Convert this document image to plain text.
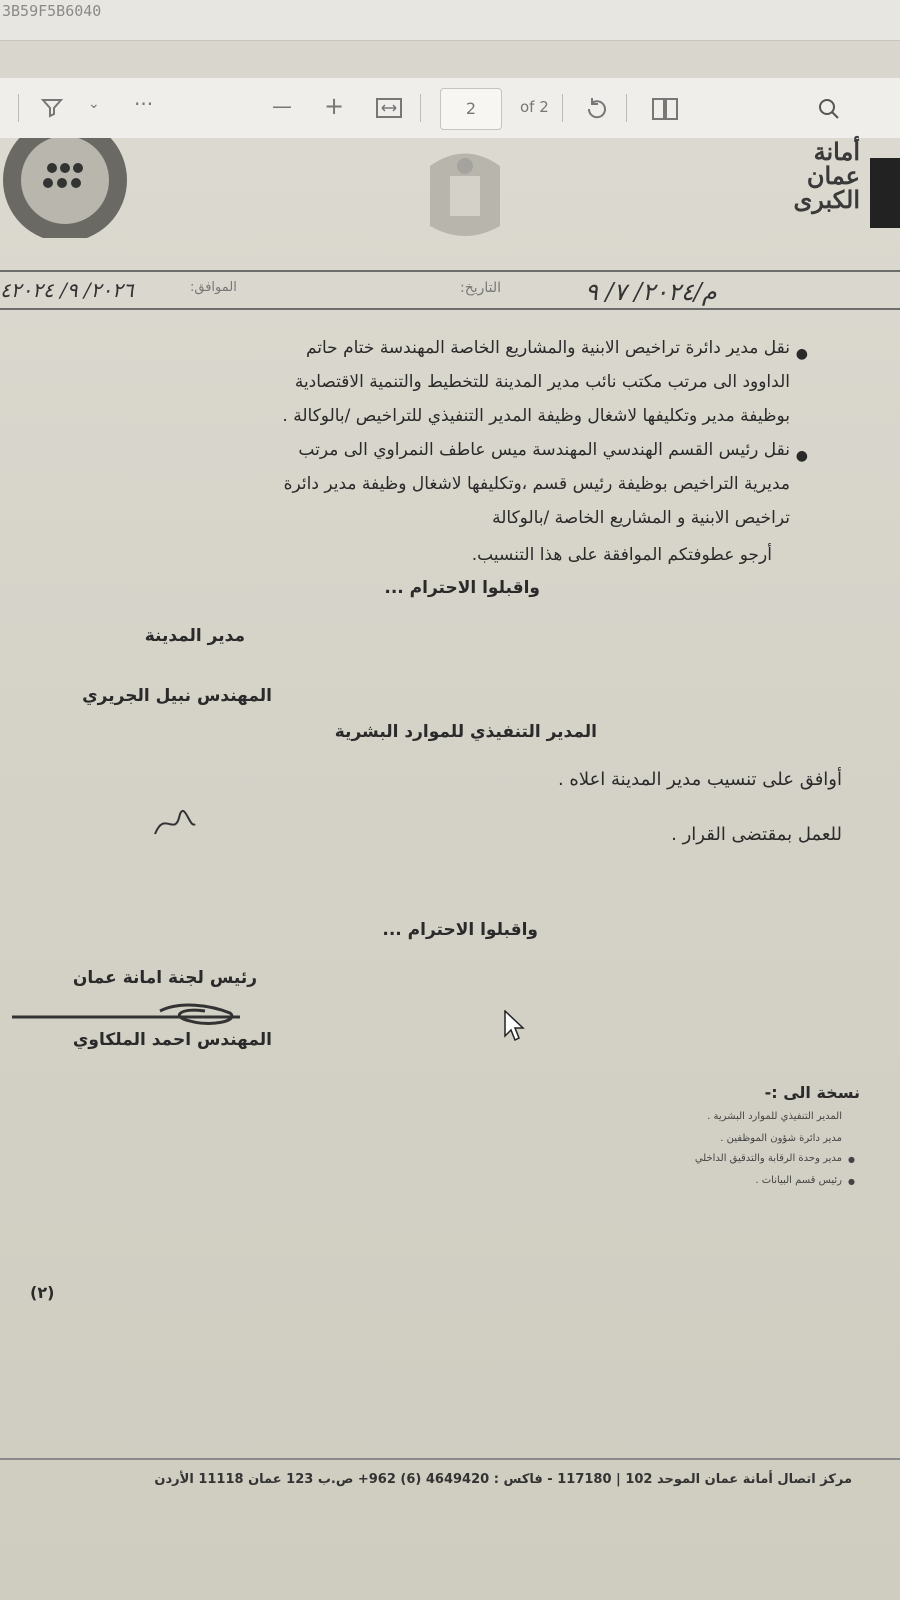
3B59F5B6040
⌄ ···	— +	2	of 2
أمانة
عمان
الكبرى
التاريخ:
الموافق:
٢٠٢٦/ ٩/ ٤٢٠٢٤	م/٢٠٢٤/ ٧/ ٩
●
نقل مدير دائرة تراخيص الابنية والمشاريع الخاصة المهندسة ختام حاتم
الداوود الى مرتب مكتب نائب مدير المدينة للتخطيط والتنمية الاقتصادية
بوظيفة مدير وتكليفها لاشغال وظيفة المدير التنفيذي للتراخيص /بالوكالة .
●
نقل رئيس القسم الهندسي المهندسة ميس عاطف النمراوي الى مرتب
مديرية التراخيص بوظيفة رئيس قسم ،وتكليفها لاشغال وظيفة مدير دائرة
تراخيص الابنية و المشاريع الخاصة /بالوكالة
أرجو عطوفتكم الموافقة على هذا التنسيب.
واقبلوا الاحترام ...
مدير المدينة
المهندس نبيل الجريري
المدير التنفيذي للموارد البشرية
أوافق على تنسيب مدير المدينة اعلاه .
للعمل بمقتضى القرار .
واقبلوا الاحترام ...
رئيس لجنة امانة عمان
المهندس احمد الملكاوي
نسخة الى :-
المدير التنفيذي للموارد البشرية .
مدير دائرة شؤون الموظفين .
●
مدير وحدة الرقابة والتدقيق الداخلي
●
رئيس قسم البيانات .
(٢)
مركز اتصال أمانة عمان الموحد 102 | 117180 - فاكس : 4649420 (6) 962+ ص.ب 123 عمان 11118 الأردن
